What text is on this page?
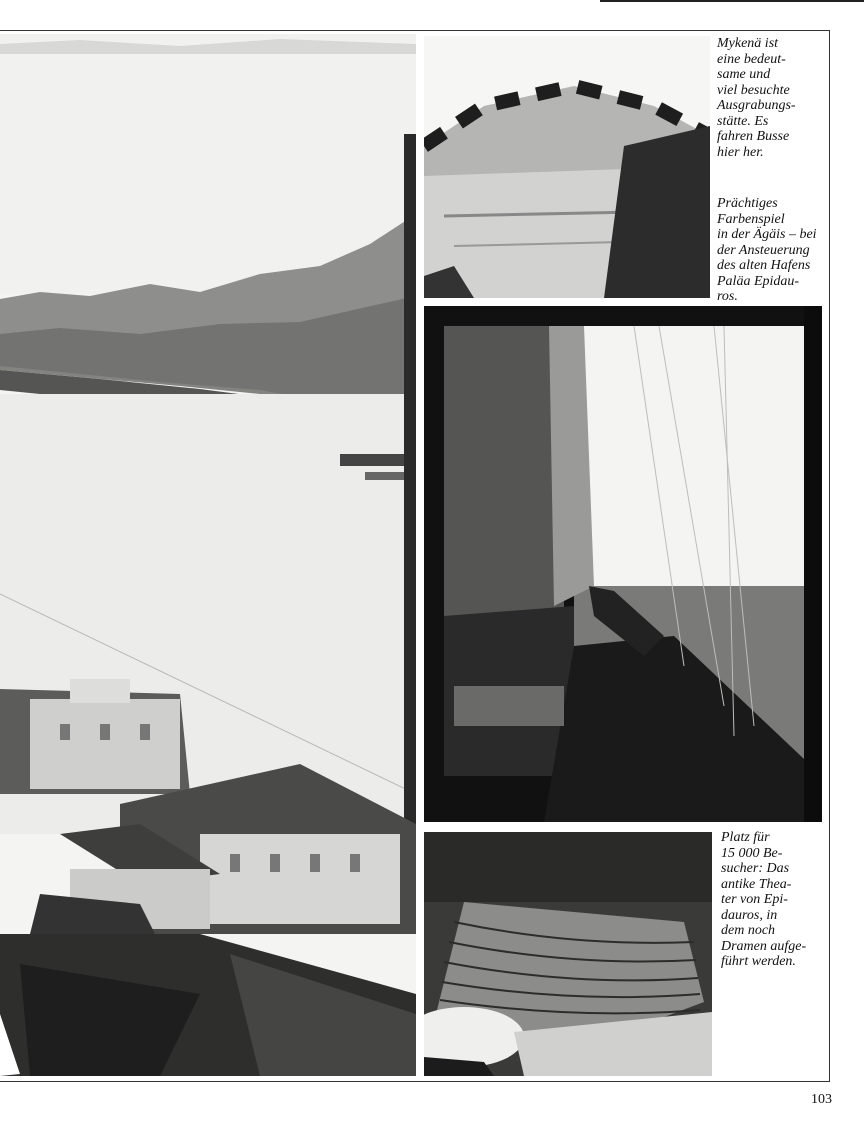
Mykenä ist
eine bedeut-
same und
viel besuchte
Ausgrabungs-
stätte. Es
fahren Busse
hier her.
Prächtiges
Farbenspiel
in der Ägäis – bei
der Ansteuerung
des alten Hafens
Paläa Epidau-
ros.
Platz für
15 000 Be-
sucher: Das
antike Thea-
ter von Epi-
dauros, in
dem noch
Dramen aufge-
führt werden.
103
